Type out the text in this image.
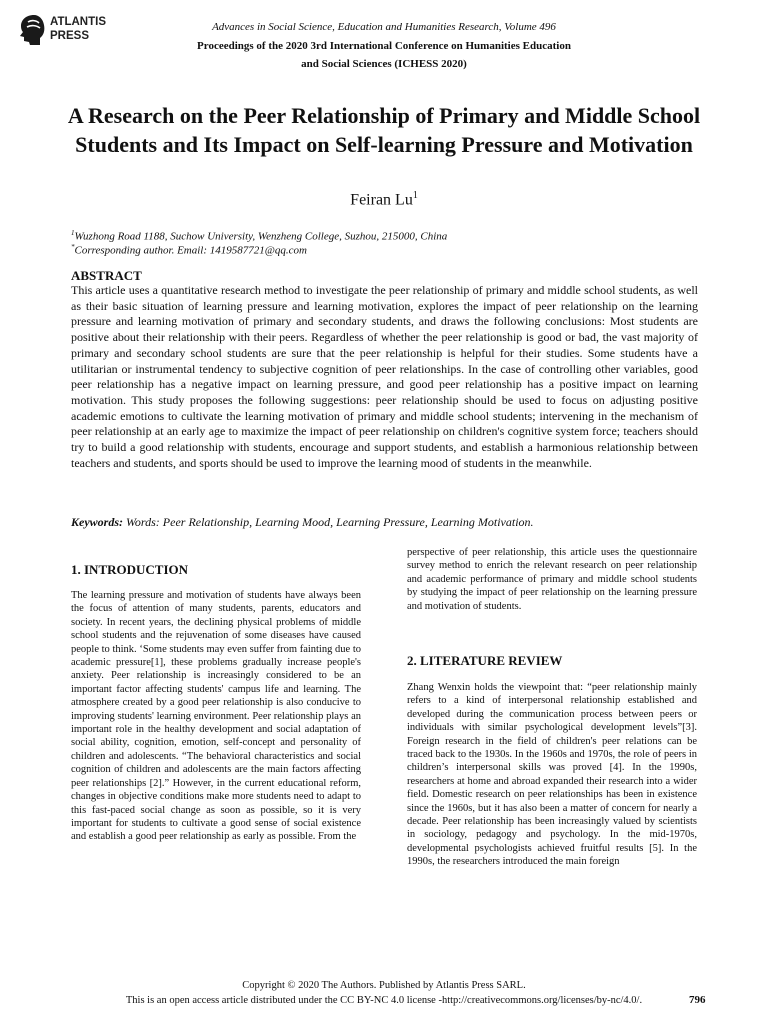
ATLANTIS
PRESS
Advances in Social Science, Education and Humanities Research, Volume 496
Proceedings of the 2020 3rd International Conference on Humanities Education
and Social Sciences (ICHESS 2020)
A Research on the Peer Relationship of Primary and Middle School Students and Its Impact on Self-learning Pressure and Motivation
Feiran Lu$^1$
$^1$Wuzhong Road 1188, Suchow University, Wenzheng College, Suzhou, 215000, China
*Corresponding author. Email: 1419587721@qq.com
ABSTRACT
This article uses a quantitative research method to investigate the peer relationship of primary and middle school students, as well as their basic situation of learning pressure and learning motivation, explores the impact of peer relationship on the learning pressure and learning motivation of primary and secondary students, and draws the following conclusions: Most students are positive about their relationship with their peers. Regardless of whether the peer relationship is good or bad, the vast majority of primary and secondary school students are sure that the peer relationship is helpful for their studies. Some students have a utilitarian or instrumental tendency to subjective cognition of peer relationships. In the case of controlling other variables, good peer relationship has a negative impact on learning pressure, and good peer relationship has a positive impact on learning motivation. This study proposes the following suggestions: peer relationship should be used to focus on adjusting positive academic emotions to cultivate the learning motivation of primary and middle school students; intervening in the mechanism of peer relationship at an early age to maximize the impact of peer relationship on children's cognitive system force; teachers should try to build a good relationship with students, encourage and support students, and establish a harmonious relationship between teachers and students, and sports should be used to improve the learning mood of students in the meanwhile.
Keywords: Words: Peer Relationship, Learning Mood, Learning Pressure, Learning Motivation.
1. INTRODUCTION
The learning pressure and motivation of students have always been the focus of attention of many students, parents, educators and society. In recent years, the declining physical problems of middle school students and the rejuvenation of some diseases have caused people to think. ‘Some students may even suffer from fainting due to academic pressure[1], these problems gradually increase people's anxiety. Peer relationship is increasingly considered to be an important factor affecting students' campus life and learning. The atmosphere created by a good peer relationship is also conducive to improving students' learning environment. Peer relationship plays an important role in the healthy development and social adaptation of social ability, cognition, emotion, self-concept and personality of children and adolescents. “The behavioral characteristics and social cognition of children and adolescents are the main factors affecting peer relationships [2].” However, in the current educational reform, changes in objective conditions make more students need to adapt to this fast-paced social change as soon as possible, so it is very important for students to cultivate a good sense of social existence and establish a good peer relationship as early as possible. From the
perspective of peer relationship, this article uses the questionnaire survey method to enrich the relevant research on peer relationship and academic performance of primary and middle school students by studying the impact of peer relationship on the learning pressure and motivation of students.
2. LITERATURE REVIEW
Zhang Wenxin holds the viewpoint that: “peer relationship mainly refers to a kind of interpersonal relationship established and developed during the communication process between peers or individuals with similar psychological development levels”[3]. Foreign research in the field of children's peer relations can be traced back to the 1930s. In the 1960s and 1970s, the role of peers in children’s interpersonal skills was proved [4]. In the 1990s, researchers at home and abroad expanded their research into a wider field. Domestic research on peer relationships has been in existence since the 1960s, but it has also been a matter of concern for nearly a decade. Peer relationship has been increasingly valued by scientists in sociology, pedagogy and psychology. In the mid-1970s, developmental psychologists achieved fruitful results [5]. In the 1990s, the researchers introduced the main foreign
Copyright © 2020 The Authors. Published by Atlantis Press SARL.
This is an open access article distributed under the CC BY-NC 4.0 license -http://creativecommons.org/licenses/by-nc/4.0/.	796
